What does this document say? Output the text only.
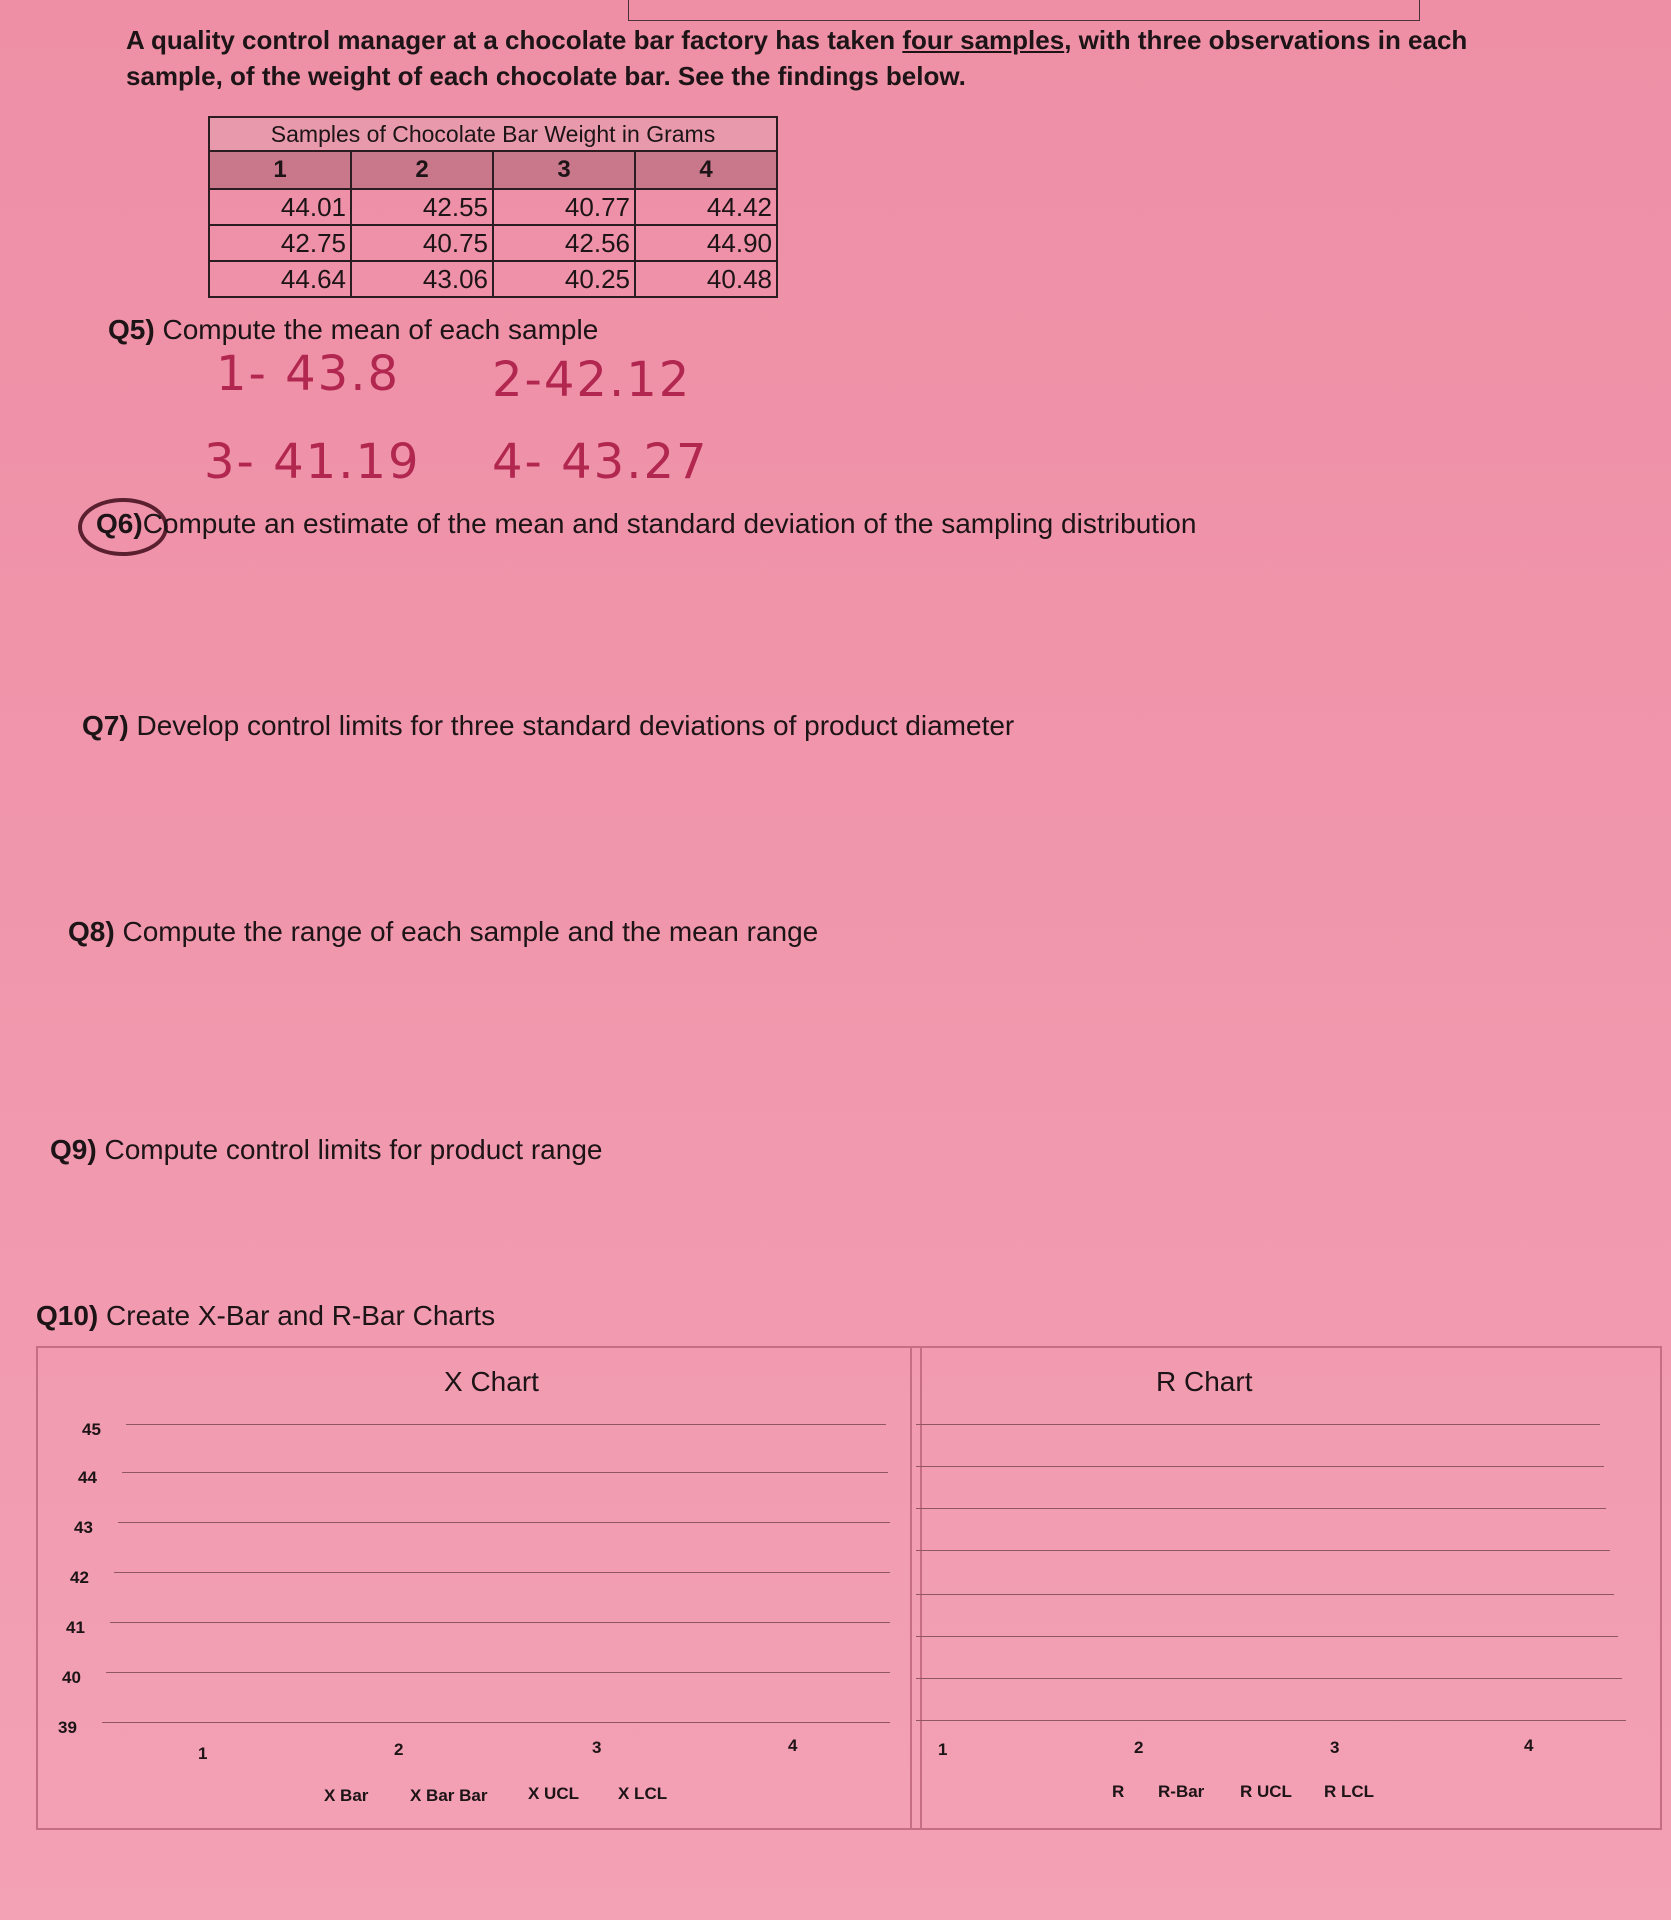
A quality control manager at a chocolate bar factory has taken four samples, with three observations in each
sample, of the weight of each chocolate bar. See the findings below.
Samples of Chocolate Bar Weight in Grams			
1	2	3	4
44.01	42.55	40.77	44.42
42.75	40.75	42.56	44.90
44.64	43.06	40.25	40.48
Q5) Compute the mean of each sample
1- 43.8 2-42.12
3- 41.19 4- 43.27
Q6)Compute an estimate of the mean and standard deviation of the sampling distribution
Q7) Develop control limits for three standard deviations of product diameter
Q8) Compute the range of each sample and the mean range
Q9) Compute control limits for product range
Q10) Create X-Bar and R-Bar Charts
X Chart
45
44
43
42
41
40
39
1	2	3	4
X Bar X Bar Bar X UCL X LCL
R Chart
1	2	3	4
R R-Bar R UCL R LCL
